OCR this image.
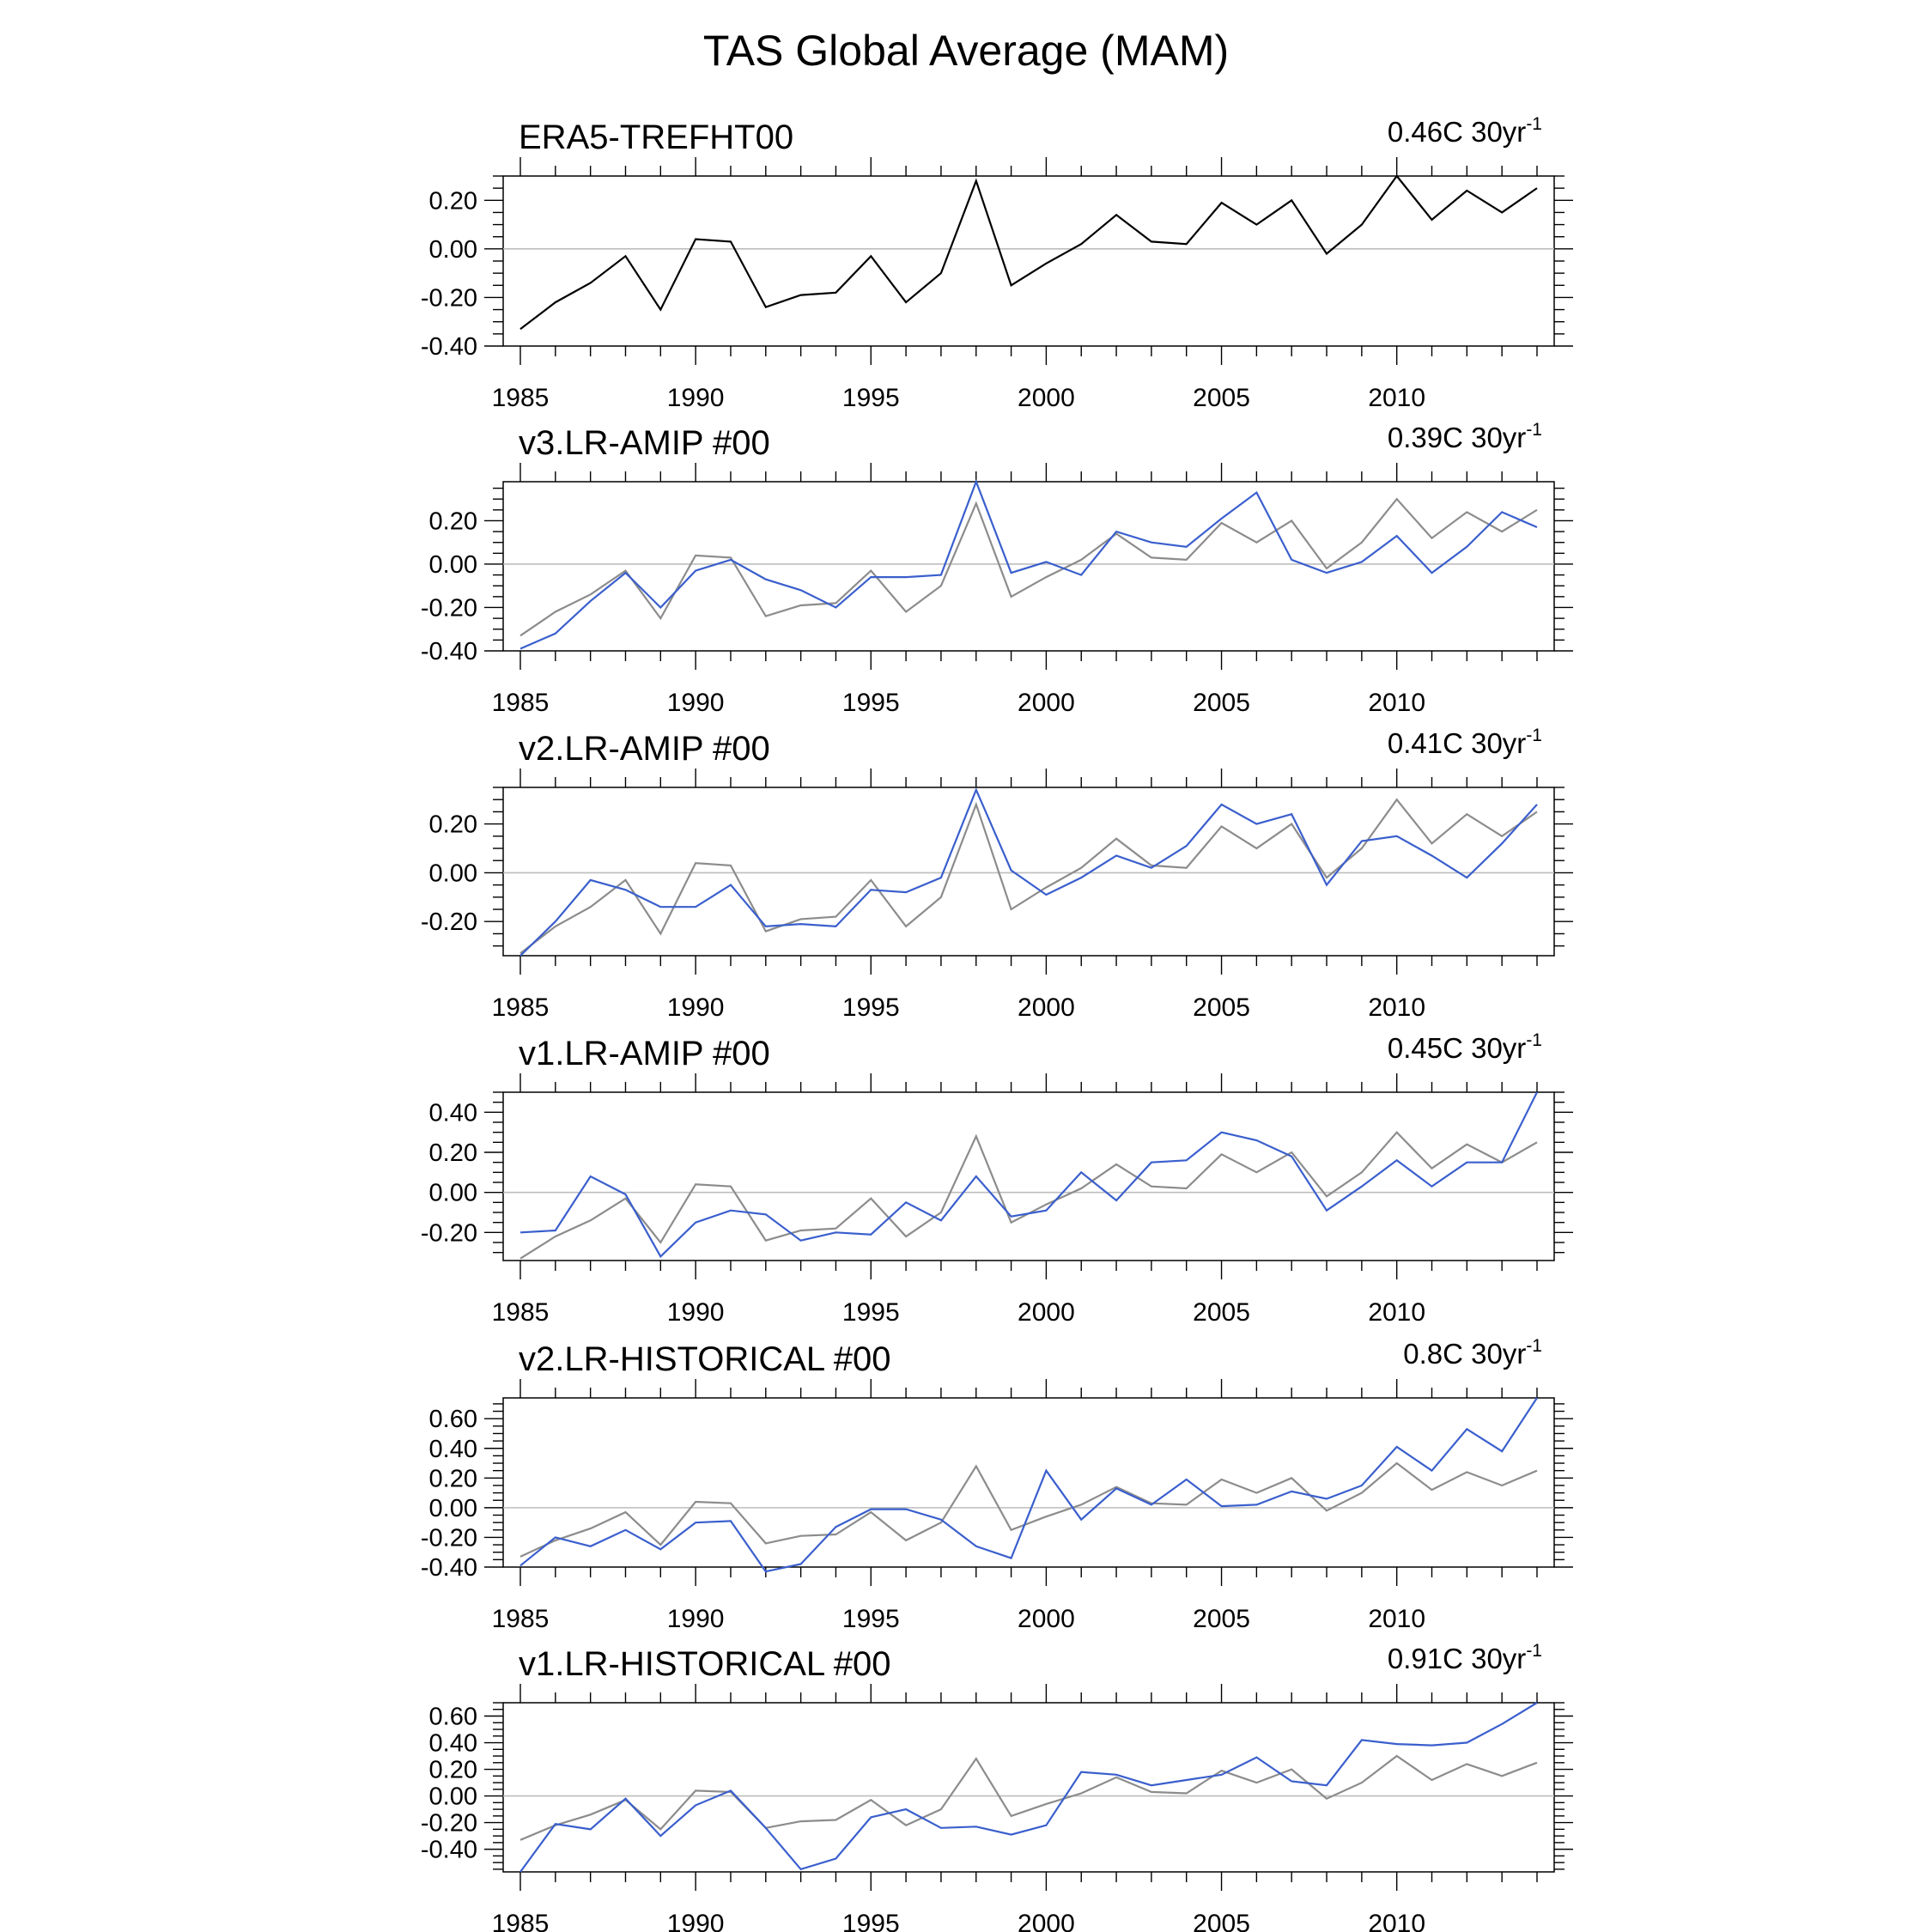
TAS Global Average (MAM)
1985	1990	1995	2000	2005	2010
-0.40
-0.20
0.00
0.20
ERA5-TREFHT00	0.46C $30yr^{-1}$
1985	1990	1995	2000	2005	2010
-0.40
-0.20
0.00
0.20
v3.LR-AMIP #00	0.39C $30yr^{-1}$
1985	1990	1995	2000	2005	2010
-0.20
0.00
0.20
v2.LR-AMIP #00	0.41C $30yr^{-1}$
1985	1990	1995	2000	2005	2010
-0.20
0.00
0.20
0.40
v1.LR-AMIP #00	0.45C $30yr^{-1}$
1985	1990	1995	2000	2005	2010
-0.40
-0.20
0.00
0.20
0.40
0.60
v2.LR-HISTORICAL #00	0.8C $30yr^{-1}$
1985	1990	1995	2000	2005	2010
-0.40
-0.20
0.00
0.20
0.40
0.60
v1.LR-HISTORICAL #00	0.91C $30yr^{-1}$
